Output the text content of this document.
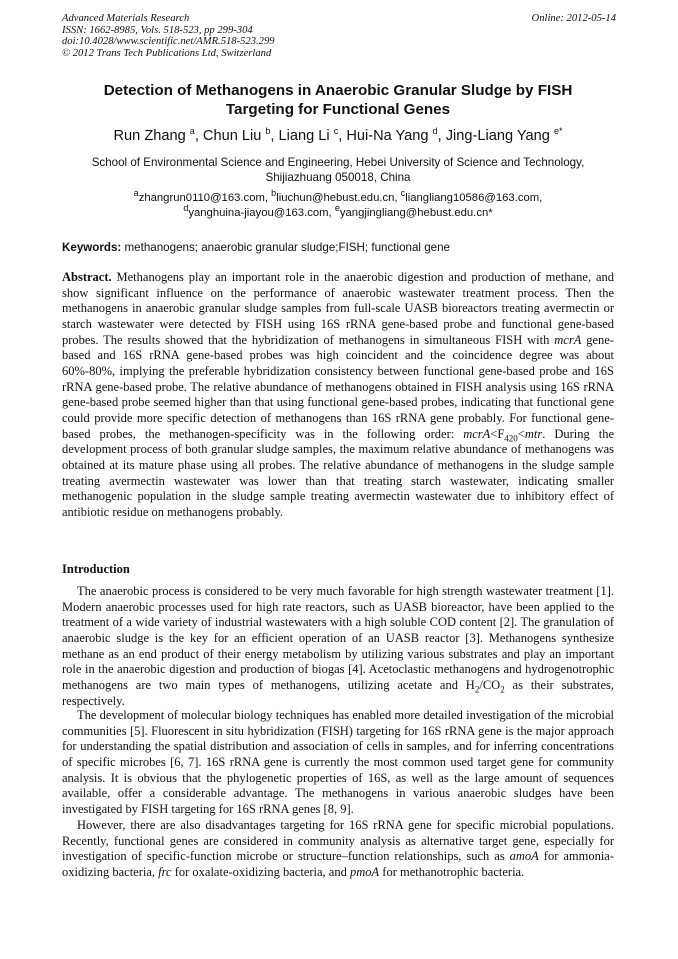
Advanced Materials Research
ISSN: 1662-8985, Vols. 518-523, pp 299-304
doi:10.4028/www.scientific.net/AMR.518-523.299
© 2012 Trans Tech Publications Ltd, Switzerland
Online: 2012-05-14
Detection of Methanogens in Anaerobic Granular Sludge by FISH
Targeting for Functional Genes
Run Zhang $^a$, Chun Liu $^b$, Liang Li $^c$, Hui-Na Yang $^d$, Jing-Liang Yang $^{e*}$
School of Environmental Science and Engineering, Hebei University of Science and Technology,
Shijiazhuang 050018, China
$^a$zhangrun0110@163.com, $^b$liuchun@hebust.edu.cn, $^c$liangliang10586@163.com,
$^d$yanghuina-jiayou@163.com, $^e$yangjingliang@hebust.edu.cn*
Keywords: methanogens; anaerobic granular sludge;FISH; functional gene
Abstract. Methanogens play an important role in the anaerobic digestion and production of methane, and show significant influence on the performance of anaerobic wastewater treatment process. Then the methanogens in anaerobic granular sludge samples from full-scale UASB bioreactors treating avermectin or starch wastewater were detected by FISH using 16S rRNA gene-based probe and functional gene-based probes. The results showed that the hybridization of methanogens in simultaneous FISH with mcrA gene-based and 16S rRNA gene-based probes was high coincident and the coincidence degree was about 60%-80%, implying the preferable hybridization consistency between functional gene-based probe and 16S rRNA gene-based probe. The relative abundance of methanogens obtained in FISH analysis using 16S rRNA gene-based probe seemed higher than that using functional gene-based probes, indicating that functional gene could provide more specific detection of methanogens than 16S rRNA gene probably. For functional gene-based probes, the methanogen-specificity was in the following order: $mcrA<F_{420}<mtr$. During the development process of both granular sludge samples, the maximum relative abundance of methanogens was obtained at its mature phase using all probes. The relative abundance of methanogens in the sludge sample treating avermectin wastewater was lower than that treating starch wastewater, indicating smaller methanogenic population in the sludge sample treating avermectin wastewater due to inhibitory effect of antibiotic residue on methanogens probably.
Introduction
The anaerobic process is considered to be very much favorable for high strength wastewater treatment [1]. Modern anaerobic processes used for high rate reactors, such as UASB bioreactor, have been applied to the treatment of a wide variety of industrial wastewaters with a high soluble COD content [2]. The granulation of anaerobic sludge is the key for an efficient operation of an UASB reactor [3]. Methanogens synthesize methane as an end product of their energy metabolism by utilizing various substrates and play an important role in the anaerobic digestion and production of biogas [4]. Acetoclastic methanogens and hydrogenotrophic methanogens are two main types of methanogens, utilizing acetate and $H_2/CO_2$ as their substrates, respectively.
The development of molecular biology techniques has enabled more detailed investigation of the microbial communities [5]. Fluorescent in situ hybridization (FISH) targeting for 16S rRNA gene is the major approach for understanding the spatial distribution and association of cells in samples, and for inferring concentrations of specific microbes [6, 7]. 16S rRNA gene is currently the most common used target gene for community analysis. It is obvious that the phylogenetic properties of 16S, as well as the large amount of sequences available, offer a considerable advantage. The methanogens in various anaerobic sludges have been investigated by FISH targeting for 16S rRNA genes [8, 9].
However, there are also disadvantages targeting for 16S rRNA gene for specific microbial populations. Recently, functional genes are considered in community analysis as alternative target gene, especially for investigation of specific-function microbe or structure–function relationships, such as amoA for ammonia-oxidizing bacteria, frc for oxalate-oxidizing bacteria, and pmoA for methanotrophic bacteria.
